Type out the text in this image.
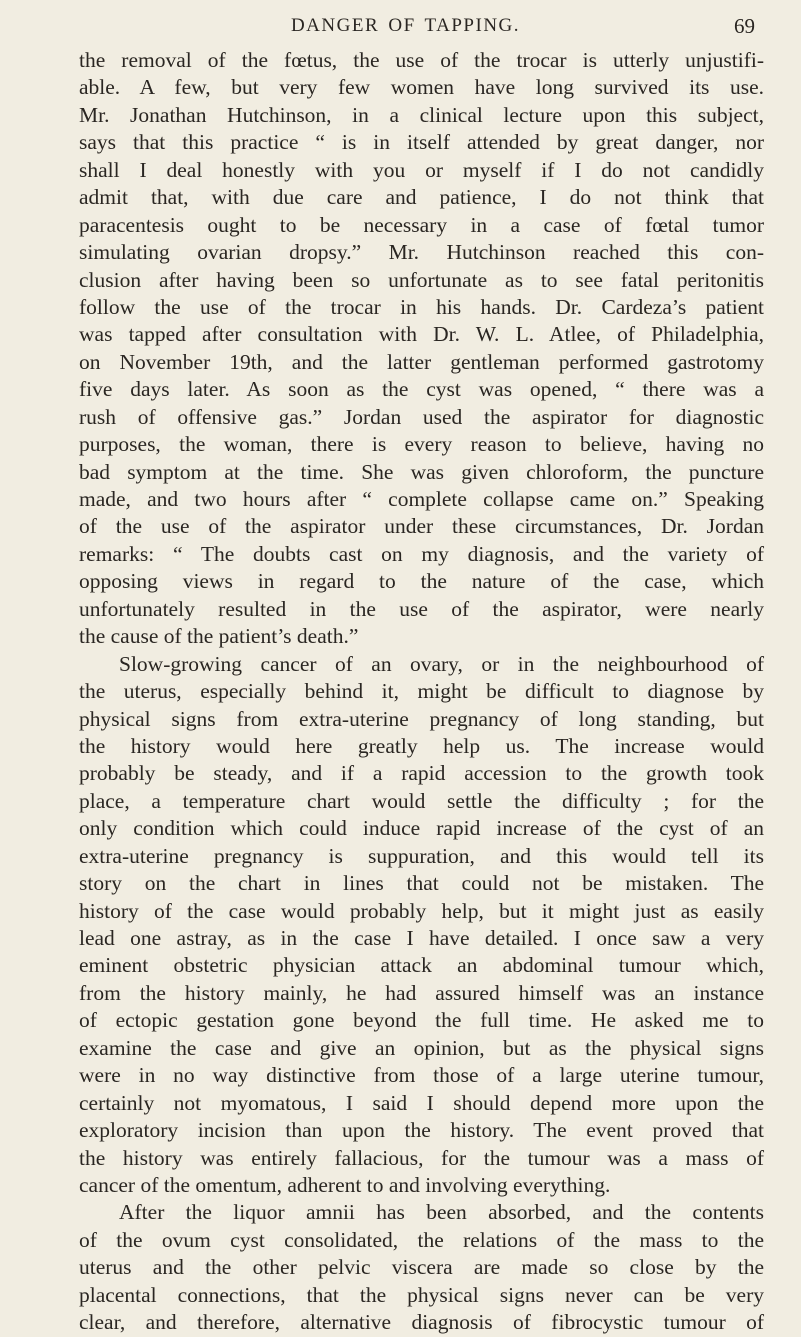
DANGER OF TAPPING.	69
the removal of the fœtus, the use of the trocar is utterly unjustifi-
able. A few, but very few women have long survived its use.
Mr. Jonathan Hutchinson, in a clinical lecture upon this subject,
says that this practice “ is in itself attended by great danger, nor
shall I deal honestly with you or myself if I do not candidly
admit that, with due care and patience, I do not think that
paracentesis ought to be necessary in a case of fœtal tumor
simulating ovarian dropsy.” Mr. Hutchinson reached this con-
clusion after having been so unfortunate as to see fatal peritonitis
follow the use of the trocar in his hands. Dr. Cardeza’s patient
was tapped after consultation with Dr. W. L. Atlee, of Philadelphia,
on November 19th, and the latter gentleman performed gastrotomy
five days later. As soon as the cyst was opened, “ there was a
rush of offensive gas.” Jordan used the aspirator for diagnostic
purposes, the woman, there is every reason to believe, having no
bad symptom at the time. She was given chloroform, the puncture
made, and two hours after “ complete collapse came on.” Speaking
of the use of the aspirator under these circumstances, Dr. Jordan
remarks: “ The doubts cast on my diagnosis, and the variety of
opposing views in regard to the nature of the case, which
unfortunately resulted in the use of the aspirator, were nearly
the cause of the patient’s death.”
Slow-growing cancer of an ovary, or in the neighbourhood of
the uterus, especially behind it, might be difficult to diagnose by
physical signs from extra-uterine pregnancy of long standing, but
the history would here greatly help us. The increase would
probably be steady, and if a rapid accession to the growth took
place, a temperature chart would settle the difficulty ; for the
only condition which could induce rapid increase of the cyst of an
extra-uterine pregnancy is suppuration, and this would tell its
story on the chart in lines that could not be mistaken. The
history of the case would probably help, but it might just as easily
lead one astray, as in the case I have detailed. I once saw a very
eminent obstetric physician attack an abdominal tumour which,
from the history mainly, he had assured himself was an instance
of ectopic gestation gone beyond the full time. He asked me to
examine the case and give an opinion, but as the physical signs
were in no way distinctive from those of a large uterine tumour,
certainly not myomatous, I said I should depend more upon the
exploratory incision than upon the history. The event proved that
the history was entirely fallacious, for the tumour was a mass of
cancer of the omentum, adherent to and involving everything.
After the liquor amnii has been absorbed, and the contents
of the ovum cyst consolidated, the relations of the mass to the
uterus and the other pelvic viscera are made so close by the
placental connections, that the physical signs never can be very
clear, and therefore, alternative diagnosis of fibrocystic tumour of
